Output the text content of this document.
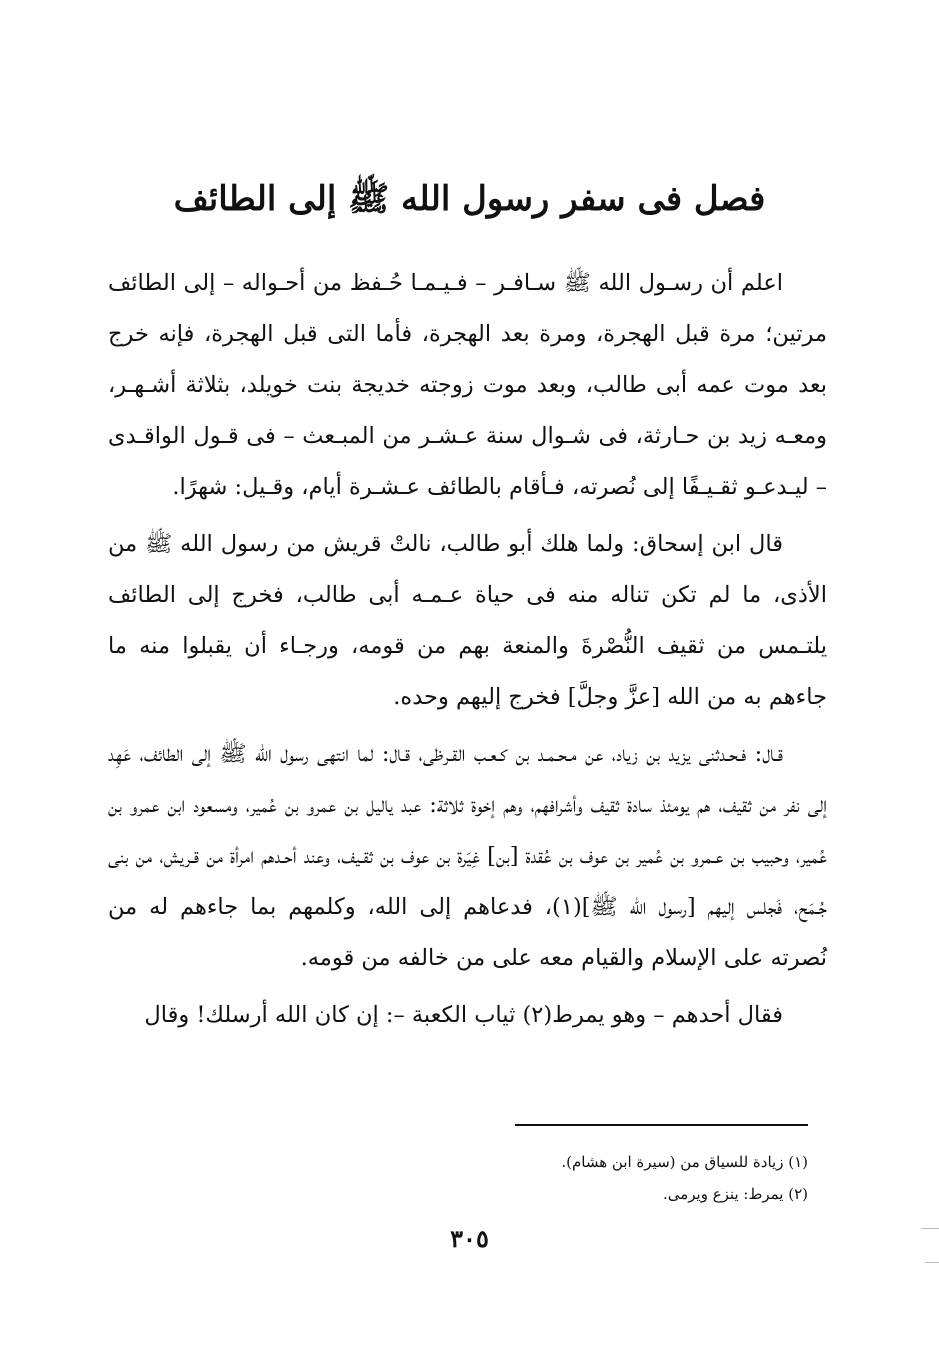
فصل فى سفر رسول الله ﷺ إلى الطائف

اعلم أن رسـول الله ﷺ سـافـر – فـيـمـا حُـفظ من أحـواله – إلى الطائف مرتين؛ مرة قبل الهجرة، ومرة بعد الهجرة، فأما التى قبل الهجرة، فإنه خرج بعد موت عمه أبى طالب، وبعد موت زوجته خديجة بنت خويلد، بثلاثة أشـهـر، ومعـه زيد بن حـارثة، فى شـوال سنة عـشـر من المبـعث – فى قـول الواقـدى – ليـدعـو ثقـيـفًا إلى نُصرته، فـأقام بالطائف عـشـرة أيام، وقـيل: شهرًا.

قال ابن إسحاق: ولما هلك أبو طالب، نالتْ قريش من رسول الله ﷺ من الأذى، ما لم تكن تناله منه فى حياة عـمـه أبى طالب، فخرج إلى الطائف يلتـمس من ثقيف النُّصْرةَ والمنعة بهم من قومه، ورجـاء أن يقبلوا منه ما جاءهم به من الله [عزَّ وجلَّ] فخرج إليهم وحده.

قـال: فـحـدثنى يزيد بن زياد، عن مـحـمـد بن كـعـب القـرظى، قـال: لما انتهى رسول الله ﷺ إلى الطائف، عَهِد إلى نفر من ثقيف، هم يومئذ سادة ثقيف وأشرافهم، وهم إخوة ثلاثة: عبد ياليل بن عمرو بن عُمير، ومسعود ابن عمرو بن عُمير، وحبيب بن عـمرو بن عُمير بن عوف بن عُقدة [بن] غِيَرة بن عوف بن ثقـيف، وعند أحـدهم امرأة من قـريش، من بنى جُـمَح، فَجلس إليهم [رسول الله ﷺ](١)، فدعاهم إلى الله، وكلمهم بما جاءهم له من نُصرته على الإسلام والقيام معه على من خالفه من قومه.

فقال أحدهم – وهو يمرط(٢) ثياب الكعبة –: إن كان الله أرسلك! وقال

(١) زيادة للسياق من (سيرة ابن هشام).

(٢) يمرط: ينزع ويرمى.

٣٠٥
